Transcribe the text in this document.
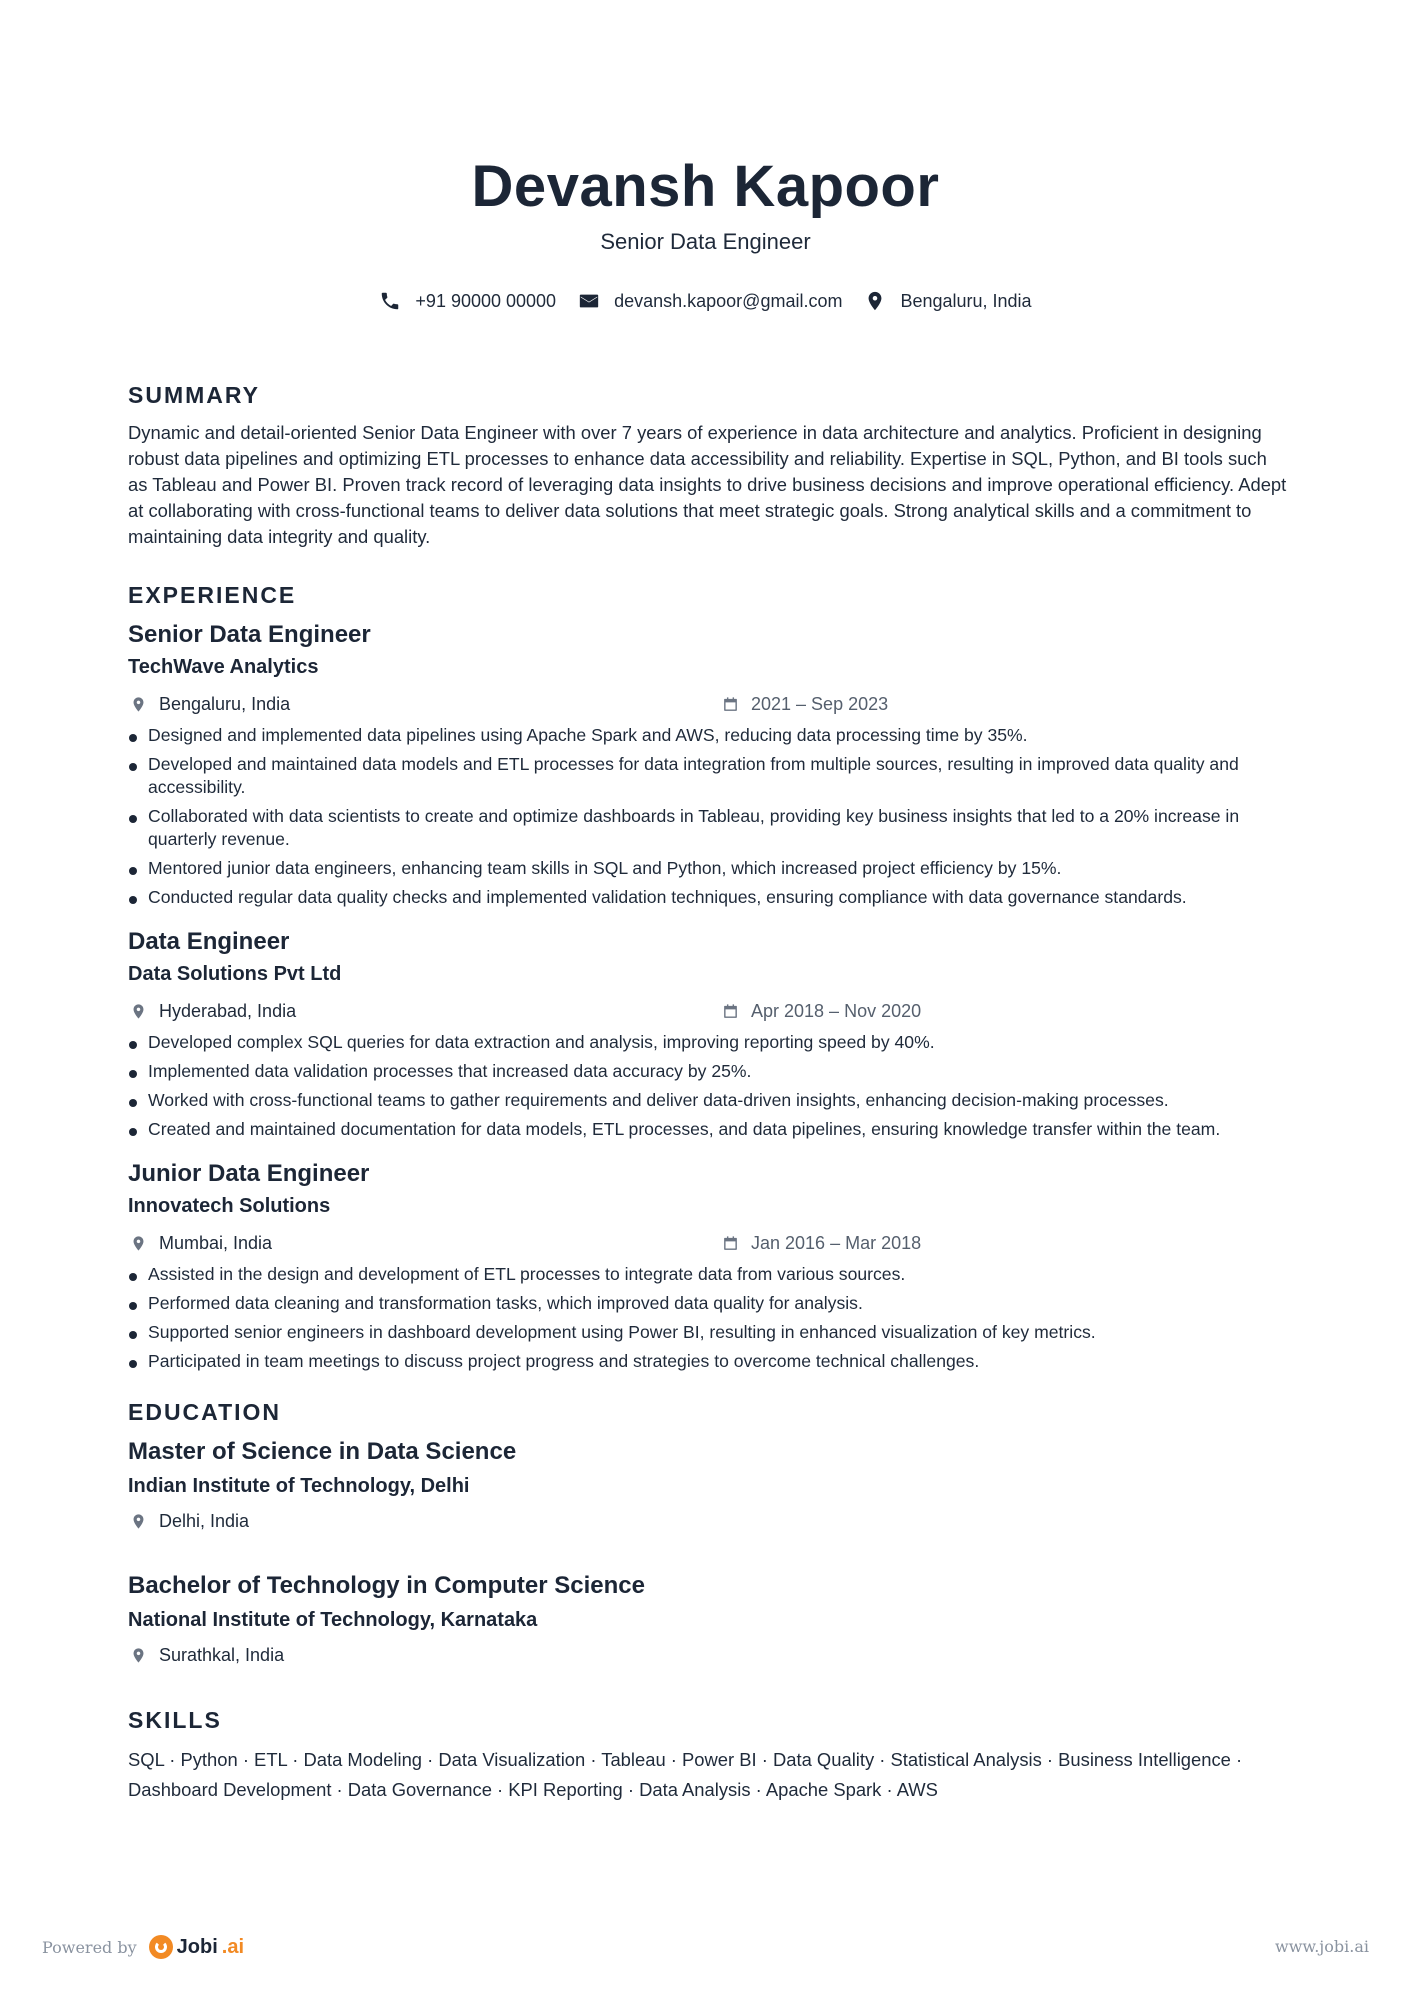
Devansh Kapoor
Senior Data Engineer
+91 90000 00000	devansh.kapoor@gmail.com	Bengaluru, India
SUMMARY
Dynamic and detail-oriented Senior Data Engineer with over 7 years of experience in data architecture and analytics. Proficient in designing robust data pipelines and optimizing ETL processes to enhance data accessibility and reliability. Expertise in SQL, Python, and BI tools such as Tableau and Power BI. Proven track record of leveraging data insights to drive business decisions and improve operational efficiency. Adept at collaborating with cross-functional teams to deliver data solutions that meet strategic goals. Strong analytical skills and a commitment to maintaining data integrity and quality.
EXPERIENCE
Senior Data Engineer
TechWave Analytics
Bengaluru, India	2021 – Sep 2023
Designed and implemented data pipelines using Apache Spark and AWS, reducing data processing time by 35%.
Developed and maintained data models and ETL processes for data integration from multiple sources, resulting in improved data quality and accessibility.
Collaborated with data scientists to create and optimize dashboards in Tableau, providing key business insights that led to a 20% increase in quarterly revenue.
Mentored junior data engineers, enhancing team skills in SQL and Python, which increased project efficiency by 15%.
Conducted regular data quality checks and implemented validation techniques, ensuring compliance with data governance standards.
Data Engineer
Data Solutions Pvt Ltd
Hyderabad, India	Apr 2018 – Nov 2020
Developed complex SQL queries for data extraction and analysis, improving reporting speed by 40%.
Implemented data validation processes that increased data accuracy by 25%.
Worked with cross-functional teams to gather requirements and deliver data-driven insights, enhancing decision-making processes.
Created and maintained documentation for data models, ETL processes, and data pipelines, ensuring knowledge transfer within the team.
Junior Data Engineer
Innovatech Solutions
Mumbai, India	Jan 2016 – Mar 2018
Assisted in the design and development of ETL processes to integrate data from various sources.
Performed data cleaning and transformation tasks, which improved data quality for analysis.
Supported senior engineers in dashboard development using Power BI, resulting in enhanced visualization of key metrics.
Participated in team meetings to discuss project progress and strategies to overcome technical challenges.
EDUCATION
Master of Science in Data Science
Indian Institute of Technology, Delhi
Delhi, India
Bachelor of Technology in Computer Science
National Institute of Technology, Karnataka
Surathkal, India
SKILLS
SQL · Python · ETL · Data Modeling · Data Visualization · Tableau · Power BI · Data Quality · Statistical Analysis · Business Intelligence · Dashboard Development · Data Governance · KPI Reporting · Data Analysis · Apache Spark · AWS
Powered by Jobi .ai	www.jobi.ai
